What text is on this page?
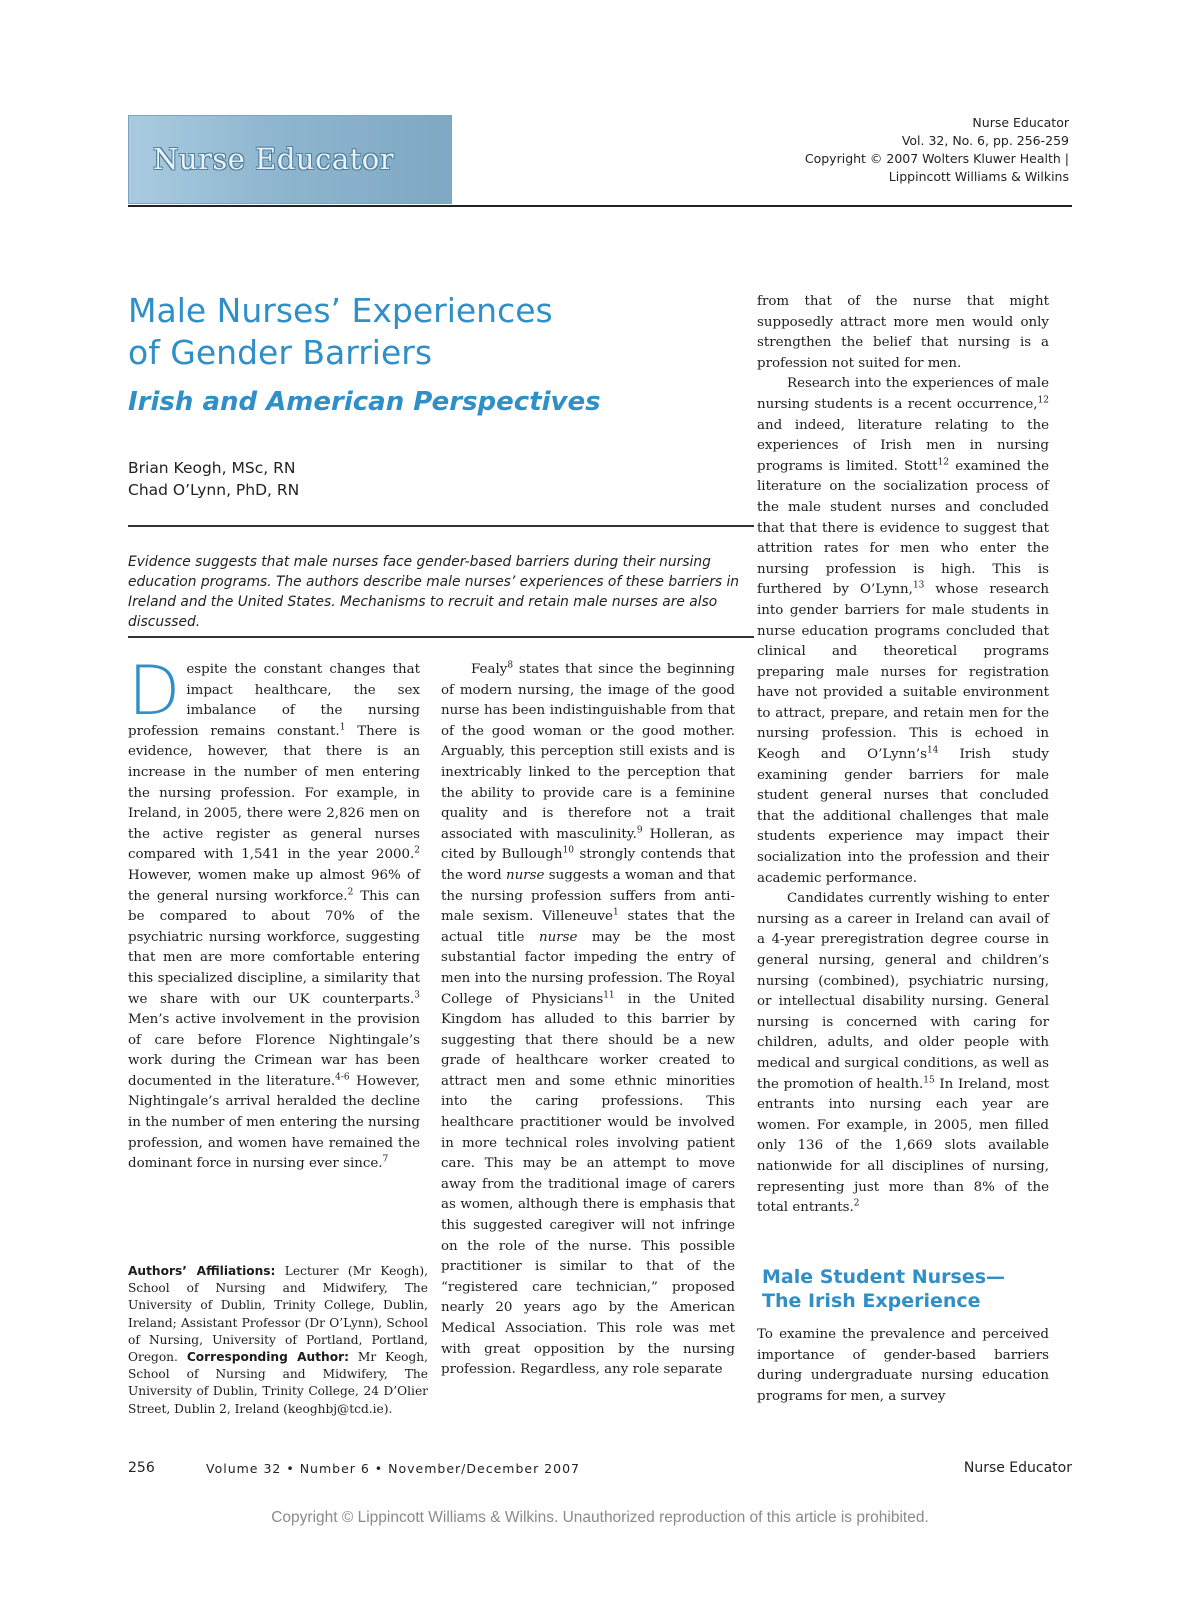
Nurse Educator
Nurse Educator
Vol. 32, No. 6, pp. 256-259
Copyright © 2007 Wolters Kluwer Health |
Lippincott Williams & Wilkins
Male Nurses’ Experiences
of Gender Barriers
Irish and American Perspectives
Brian Keogh, MSc, RN
Chad O’Lynn, PhD, RN
Evidence suggests that male nurses face gender-based barriers during their nursing education programs. The authors describe male nurses’ experiences of these barriers in Ireland and the United States. Mechanisms to recruit and retain male nurses are also discussed.

Despite the constant changes that impact healthcare, the sex imbalance of the nursing profession remains constant.$^1$ There is evidence, however, that there is an increase in the number of men entering the nursing profession. For example, in Ireland, in 2005, there were 2,826 men on the active register as general nurses compared with 1,541 in the year 2000.$^2$ However, women make up almost 96% of the general nursing workforce.$^2$ This can be compared to about 70% of the psychiatric nursing workforce, suggesting that men are more comfortable entering this specialized discipline, a similarity that we share with our UK counterparts.$^3$ Men’s active involvement in the provision of care before Florence Nightingale’s work during the Crimean war has been documented in the literature.$^{4-6}$ However, Nightingale’s arrival heralded the decline in the number of men entering the nursing profession, and women have remained the dominant force in nursing ever since.$^7$

Authors’ Affiliations: Lecturer (Mr Keogh), School of Nursing and Midwifery, The University of Dublin, Trinity College, Dublin, Ireland; Assistant Professor (Dr O’Lynn), School of Nursing, University of Portland, Portland, Oregon. Corresponding Author: Mr Keogh, School of Nursing and Midwifery, The University of Dublin, Trinity College, 24 D’Olier Street, Dublin 2, Ireland (keoghbj@tcd.ie).

Fealy$^8$ states that since the beginning of modern nursing, the image of the good nurse has been indistinguishable from that of the good woman or the good mother. Arguably, this perception still exists and is inextricably linked to the perception that the ability to provide care is a feminine quality and is therefore not a trait associated with masculinity.$^9$ Holleran, as cited by Bullough$^{10}$ strongly contends that the word nurse suggests a woman and that the nursing profession suffers from anti-male sexism. Villeneuve$^1$ states that the actual title nurse may be the most substantial factor impeding the entry of men into the nursing profession. The Royal College of Physicians$^{11}$ in the United Kingdom has alluded to this barrier by suggesting that there should be a new grade of healthcare worker created to attract men and some ethnic minorities into the caring professions. This healthcare practitioner would be involved in more technical roles involving patient care. This may be an attempt to move away from the traditional image of carers as women, although there is emphasis that this suggested caregiver will not infringe on the role of the nurse. This possible practitioner is similar to that of the “registered care technician,” proposed nearly 20 years ago by the American Medical Association. This role was met with great opposition by the nursing profession. Regardless, any role separate

from that of the nurse that might supposedly attract more men would only strengthen the belief that nursing is a profession not suited for men.

Research into the experiences of male nursing students is a recent occurrence,$^{12}$ and indeed, literature relating to the experiences of Irish men in nursing programs is limited. Stott$^{12}$ examined the literature on the socialization process of the male student nurses and concluded that that there is evidence to suggest that attrition rates for men who enter the nursing profession is high. This is furthered by O’Lynn,$^{13}$ whose research into gender barriers for male students in nurse education programs concluded that clinical and theoretical programs preparing male nurses for registration have not provided a suitable environment to attract, prepare, and retain men for the nursing profession. This is echoed in Keogh and $O’Lynn’s^{14}$ Irish study examining gender barriers for male student general nurses that concluded that the additional challenges that male students experience may impact their socialization into the profession and their academic performance.

Candidates currently wishing to enter nursing as a career in Ireland can avail of a 4-year preregistration degree course in general nursing, general and children’s nursing (combined), psychiatric nursing, or intellectual disability nursing. General nursing is concerned with caring for children, adults, and older people with medical and surgical conditions, as well as the promotion of health.$^{15}$ In Ireland, most entrants into nursing each year are women. For example, in 2005, men filled only 136 of the 1,669 slots available nationwide for all disciplines of nursing, representing just more than 8% of the total entrants.$^2$

Male Student Nurses—
The Irish Experience

To examine the prevalence and perceived importance of gender-based barriers during undergraduate nursing education programs for men, a survey

256	Volume 32 • Number 6 • November/December 2007	Nurse Educator
Copyright © Lippincott Williams & Wilkins. Unauthorized reproduction of this article is prohibited.
